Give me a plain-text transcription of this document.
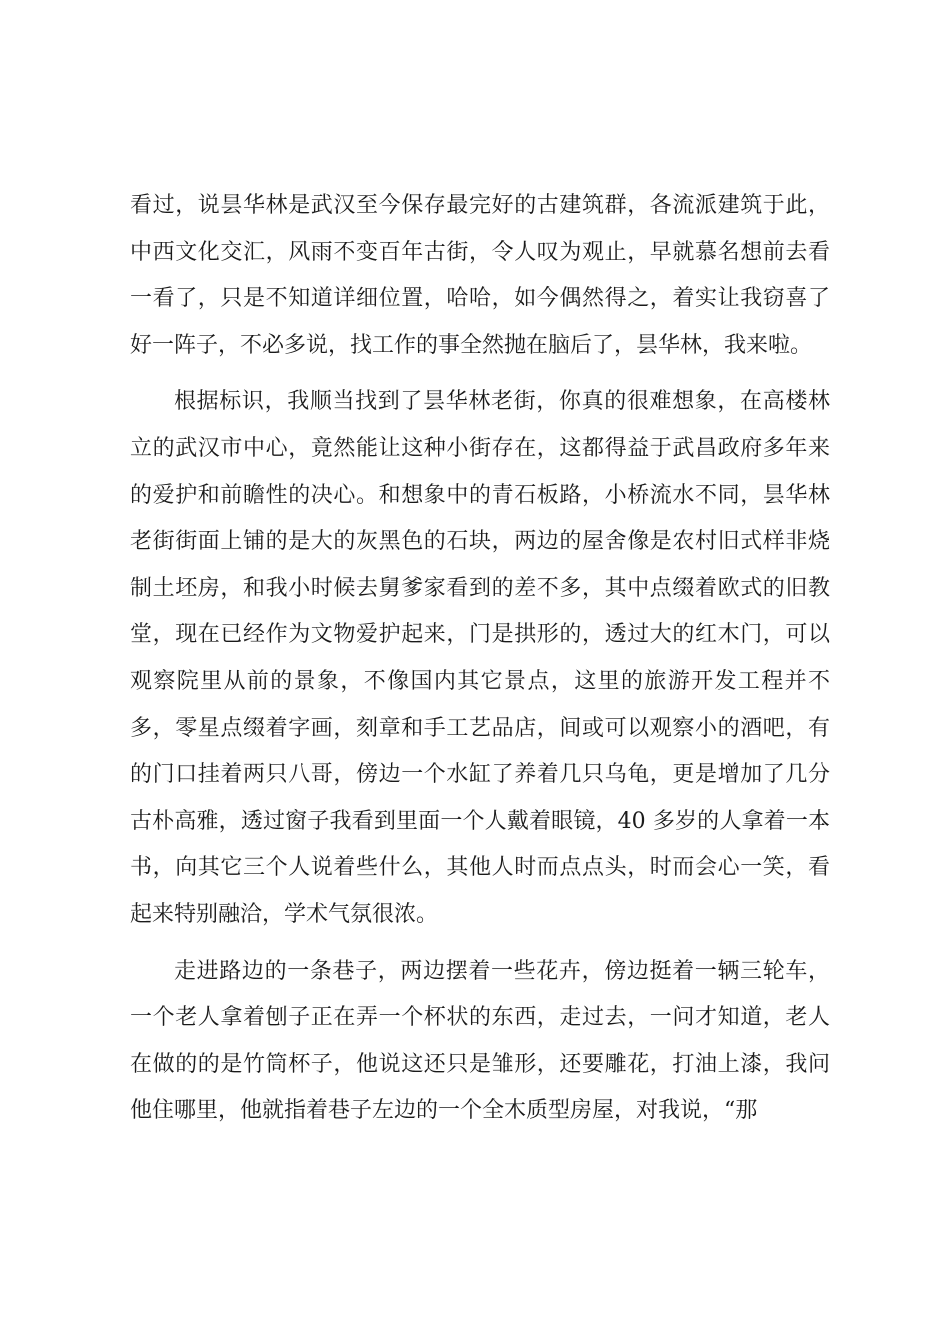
看过，说昙华林是武汉至今保存最完好的古建筑群，各流派建筑于此，
中西文化交汇，风雨不变百年古街，令人叹为观止，早就慕名想前去看
一看了，只是不知道详细位置，哈哈，如今偶然得之，着实让我窃喜了
好一阵子，不必多说，找工作的事全然抛在脑后了，昙华林，我来啦。
根据标识，我顺当找到了昙华林老街，你真的很难想象，在高楼林
立的武汉市中心，竟然能让这种小街存在，这都得益于武昌政府多年来
的爱护和前瞻性的决心。和想象中的青石板路，小桥流水不同，昙华林
老街街面上铺的是大的灰黑色的石块，两边的屋舍像是农村旧式样非烧
制土坯房，和我小时候去舅爹家看到的差不多，其中点缀着欧式的旧教
堂，现在已经作为文物爱护起来，门是拱形的，透过大的红木门，可以
观察院里从前的景象，不像国内其它景点，这里的旅游开发工程并不
多，零星点缀着字画，刻章和手工艺品店，间或可以观察小的酒吧，有
的门口挂着两只八哥，傍边一个水缸了养着几只乌龟，更是增加了几分
古朴高雅，透过窗子我看到里面一个人戴着眼镜，40 多岁的人拿着一本
书，向其它三个人说着些什么，其他人时而点点头，时而会心一笑，看
起来特别融洽，学术气氛很浓。
走进路边的一条巷子，两边摆着一些花卉，傍边挺着一辆三轮车，
一个老人拿着刨子正在弄一个杯状的东西，走过去，一问才知道，老人
在做的的是竹筒杯子，他说这还只是雏形，还要雕花，打油上漆，我问
他住哪里，他就指着巷子左边的一个全木质型房屋，对我说，“那
